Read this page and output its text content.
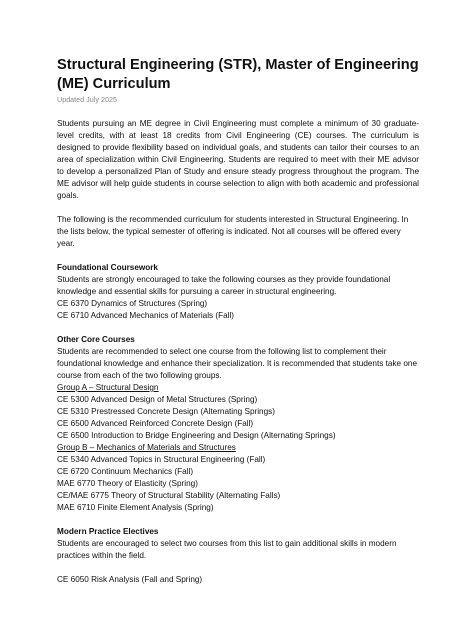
Structural Engineering (STR), Master of Engineering (ME) Curriculum
Updated July 2025

Students pursuing an ME degree in Civil Engineering must complete a minimum of 30 graduate-level credits, with at least 18 credits from Civil Engineering (CE) courses. The curriculum is designed to provide flexibility based on individual goals, and students can tailor their courses to an area of specialization within Civil Engineering. Students are required to meet with their ME advisor to develop a personalized Plan of Study and ensure steady progress throughout the program. The ME advisor will help guide students in course selection to align with both academic and professional goals.

The following is the recommended curriculum for students interested in Structural Engineering. In the lists below, the typical semester of offering is indicated. Not all courses will be offered every year.

Foundational Coursework

Students are strongly encouraged to take the following courses as they provide foundational knowledge and essential skills for pursuing a career in structural engineering.

CE 6370 Dynamics of Structures (Spring)
CE 6710 Advanced Mechanics of Materials (Fall)
Other Core Courses

Students are recommended to select one course from the following list to complement their foundational knowledge and enhance their specialization. It is recommended that students take one course from each of the two following groups.

Group A – Structural Design
CE 5300 Advanced Design of Metal Structures (Spring)
CE 5310 Prestressed Concrete Design (Alternating Springs)
CE 6500 Advanced Reinforced Concrete Design (Fall)
CE 6500 Introduction to Bridge Engineering and Design (Alternating Springs)
Group B – Mechanics of Materials and Structures
CE 5340 Advanced Topics in Structural Engineering (Fall)
CE 6720 Continuum Mechanics (Fall)
MAE 6770 Theory of Elasticity (Spring)
CE/MAE 6775 Theory of Structural Stability (Alternating Falls)
MAE 6710 Finite Element Analysis (Spring)
Modern Practice Electives

Students are encouraged to select two courses from this list to gain additional skills in modern practices within the field.

CE 6050 Risk Analysis (Fall and Spring)
